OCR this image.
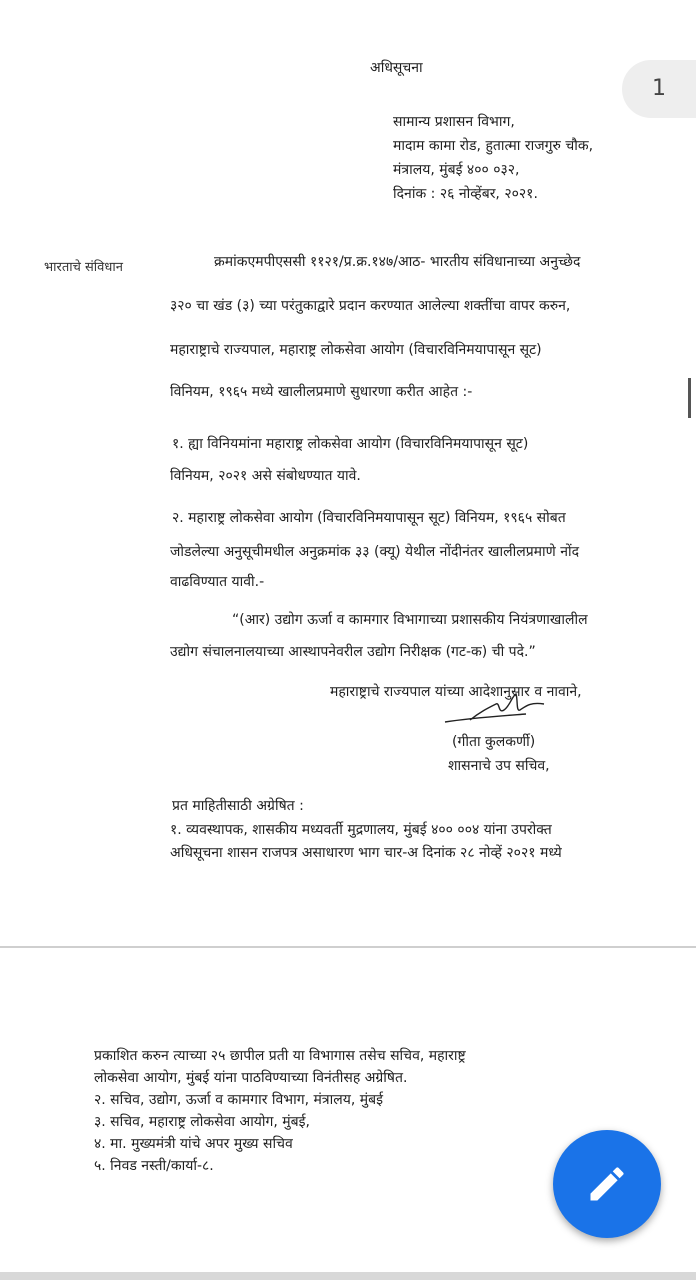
1
अधिसूचना
सामान्य प्रशासन विभाग,
मादाम कामा रोड, हुतात्मा राजगुरु चौक,
मंत्रालय, मुंबई ४०० ०३२,
दिनांक : २६ नोव्हेंबर, २०२१.
भारताचे संविधान	क्रमांकएमपीएससी ११२१/प्र.क्र.१४७/आठ- भारतीय संविधानाच्या अनुच्छेद
३२० चा खंड (३) च्या परंतुकाद्वारे प्रदान करण्यात आलेल्या शक्तींचा वापर करुन,
महाराष्ट्राचे राज्यपाल, महाराष्ट्र लोकसेवा आयोग (विचारविनिमयापासून सूट)
विनियम, १९६५ मध्ये खालीलप्रमाणे सुधारणा करीत आहेत :-
१. ह्या विनियमांना महाराष्ट्र लोकसेवा आयोग (विचारविनिमयापासून सूट)
विनियम, २०२१ असे संबोधण्यात यावे.
२. महाराष्ट्र लोकसेवा आयोग (विचारविनिमयापासून सूट) विनियम, १९६५ सोबत
जोडलेल्या अनुसूचीमधील अनुक्रमांक ३३ (क्यू) येथील नोंदीनंतर खालीलप्रमाणे नोंद
वाढविण्यात यावी.-
“(आर) उद्योग ऊर्जा व कामगार विभागाच्या प्रशासकीय नियंत्रणाखालील
उद्योग संचालनालयाच्या आस्थापनेवरील उद्योग निरीक्षक (गट-क) ची पदे.”
महाराष्ट्राचे राज्यपाल यांच्या आदेशानुसार व नावाने,
(गीता कुलकर्णी)
शासनाचे उप सचिव,
प्रत माहितीसाठी अग्रेषित :
१. व्यवस्थापक, शासकीय मध्यवर्ती मुद्रणालय, मुंबई ४०० ००४ यांना उपरोक्त
अधिसूचना शासन राजपत्र असाधारण भाग चार-अ दिनांक २८ नोव्हें २०२१ मध्ये
प्रकाशित करुन त्याच्या २५ छापील प्रती या विभागास तसेच सचिव, महाराष्ट्र
लोकसेवा आयोग, मुंबई यांना पाठविण्याच्या विनंतीसह अग्रेषित.
२. सचिव, उद्योग, ऊर्जा व कामगार विभाग, मंत्रालय, मुंबई
३. सचिव, महाराष्ट्र लोकसेवा आयोग, मुंबई,
४. मा. मुख्यमंत्री यांचे अपर मुख्य सचिव
५. निवड नस्ती/कार्या-८.
